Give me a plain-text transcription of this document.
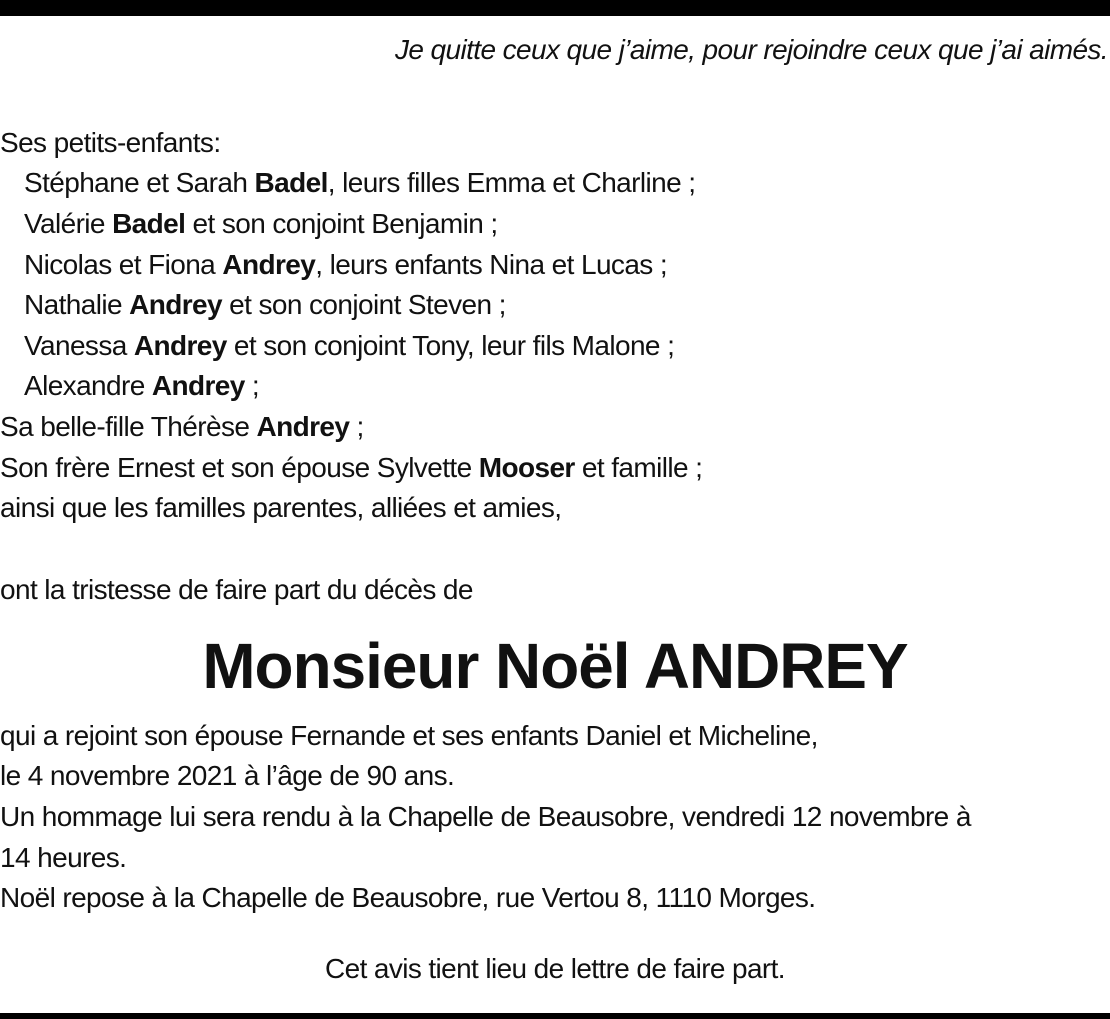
Je quitte ceux que j’aime, pour rejoindre ceux que j’ai aimés.
Ses petits-enfants:
Stéphane et Sarah Badel, leurs filles Emma et Charline ;
Valérie Badel et son conjoint Benjamin ;
Nicolas et Fiona Andrey, leurs enfants Nina et Lucas ;
Nathalie Andrey et son conjoint Steven ;
Vanessa Andrey et son conjoint Tony, leur fils Malone ;
Alexandre Andrey ;
Sa belle-fille Thérèse Andrey ;
Son frère Ernest et son épouse Sylvette Mooser et famille ;
ainsi que les familles parentes, alliées et amies,
ont la tristesse de faire part du décès de
Monsieur Noël ANDREY
qui a rejoint son épouse Fernande et ses enfants Daniel et Micheline,
le 4 novembre 2021 à l’âge de 90 ans.
Un hommage lui sera rendu à la Chapelle de Beausobre, vendredi 12 novembre à
14 heures.
Noël repose à la Chapelle de Beausobre, rue Vertou 8, 1110 Morges.
Cet avis tient lieu de lettre de faire part.
